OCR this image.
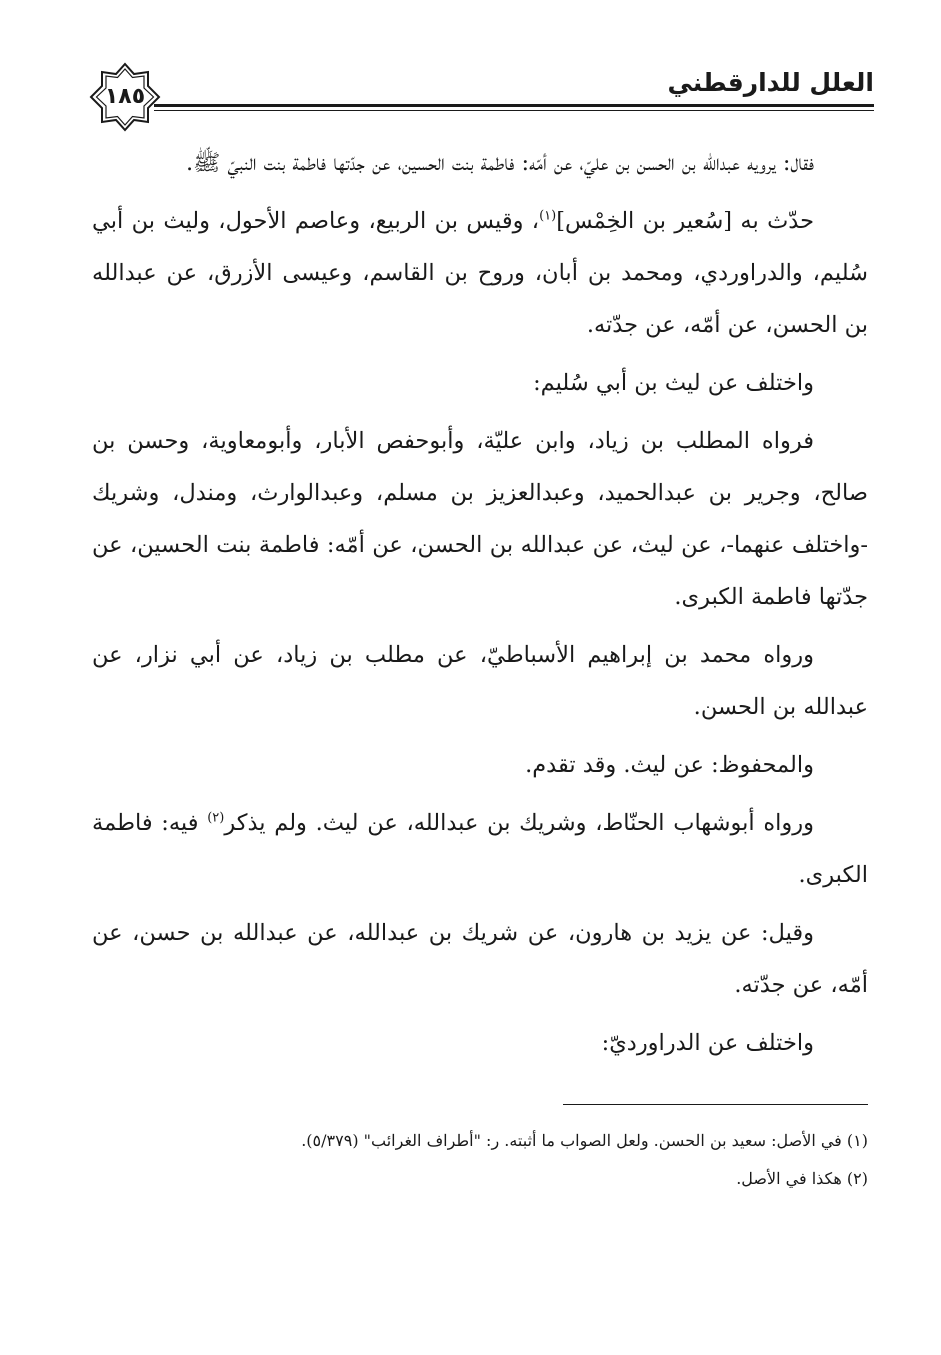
١٨٥	العلل للدارقطني

فقال: يرويه عبدالله بن الحسن بن عليّ، عن أمّه: فاطمة بنت الحسين، عن جدّتها فاطمة بنت النبيّ ﷺ.

حدّث به [سُعير بن الخِمْس]$^{(١)}$، وقيس بن الربيع، وعاصم الأحول، وليث بن أبي سُليم، والدراوردي، ومحمد بن أبان، وروح بن القاسم، وعيسى الأزرق، عن عبدالله بن الحسن، عن أمّه، عن جدّته.

واختلف عن ليث بن أبي سُليم:

فرواه المطلب بن زياد، وابن عليّة، وأبوحفص الأبار، وأبومعاوية، وحسن بن صالح، وجرير بن عبدالحميد، وعبدالعزيز بن مسلم، وعبدالوارث، ومندل، وشريك -واختلف عنهما-، عن ليث، عن عبدالله بن الحسن، عن أمّه: فاطمة بنت الحسين، عن جدّتها فاطمة الكبرى.

ورواه محمد بن إبراهيم الأسباطيّ، عن مطلب بن زياد، عن أبي نزار، عن عبدالله بن الحسن.

والمحفوظ: عن ليث. وقد تقدم.

ورواه أبوشهاب الحنّاط، وشريك بن عبدالله، عن ليث. ولم يذكر$^{(٢)}$ فيه: فاطمة الكبرى.

وقيل: عن يزيد بن هارون، عن شريك بن عبدالله، عن عبدالله بن حسن، عن أمّه، عن جدّته.

واختلف عن الدراورديّ:

(١) في الأصل: سعيد بن الحسن. ولعل الصواب ما أثبته. ر: "أطراف الغرائب" (٥/٣٧٩).
(٢) هكذا في الأصل.
